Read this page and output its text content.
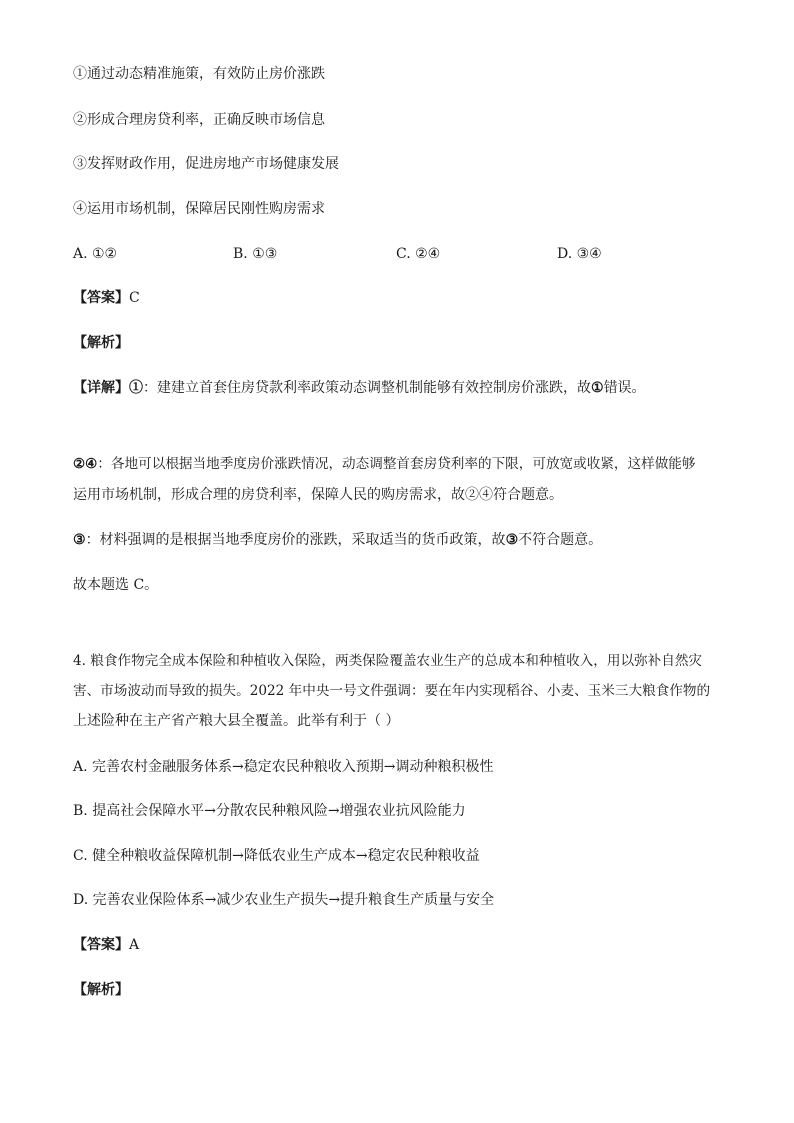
①通过动态精准施策，有效防止房价涨跌
②形成合理房贷利率，正确反映市场信息
③发挥财政作用，促进房地产市场健康发展
④运用市场机制，保障居民刚性购房需求
A. ①②	B. ①③	C. ②④	D. ③④
【答案】C
【解析】
【详解】①：建建立首套住房贷款利率政策动态调整机制能够有效控制房价涨跌，故①错误。
②④：各地可以根据当地季度房价涨跌情况，动态调整首套房贷利率的下限，可放宽或收紧，这样做能够
运用市场机制，形成合理的房贷利率，保障人民的购房需求，故②④符合题意。
③：材料强调的是根据当地季度房价的涨跌，采取适当的货币政策，故③不符合题意。
故本题选 C。
4. 粮食作物完全成本保险和种植收入保险，两类保险覆盖农业生产的总成本和种植收入，用以弥补自然灾
害、市场波动而导致的损失。2022 年中央一号文件强调：要在年内实现稻谷、小麦、玉米三大粮食作物的
上述险种在主产省产粮大县全覆盖。此举有利于（ ）
A. 完善农村金融服务体系→稳定农民种粮收入预期→调动种粮积极性
B. 提高社会保障水平→分散农民种粮风险→增强农业抗风险能力
C. 健全种粮收益保障机制→降低农业生产成本→稳定农民种粮收益
D. 完善农业保险体系→减少农业生产损失→提升粮食生产质量与安全
【答案】A
【解析】
